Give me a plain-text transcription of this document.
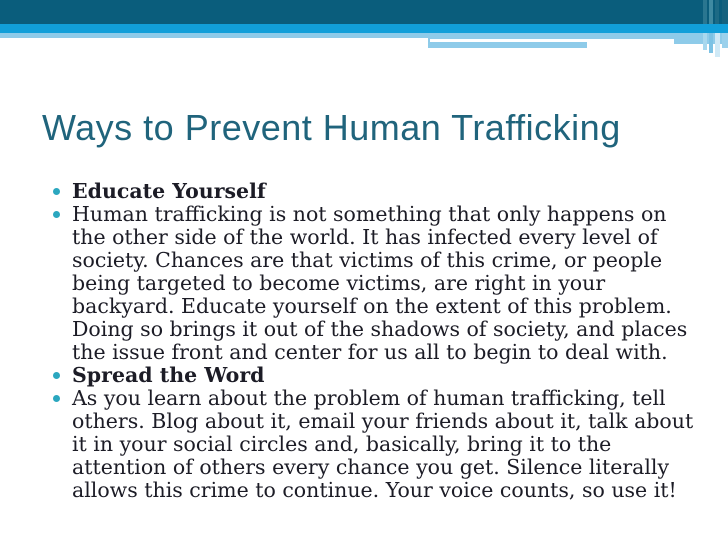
Ways to Prevent Human Trafficking
Educate Yourself
Human trafficking is not something that only happens on the other side of the world. It has infected every level of society. Chances are that victims of this crime, or people being targeted to become victims, are right in your backyard. Educate yourself on the extent of this problem. Doing so brings it out of the shadows of society, and places the issue front and center for us all to begin to deal with.
Spread the Word
As you learn about the problem of human trafficking, tell others. Blog about it, email your friends about it, talk about it in your social circles and, basically, bring it to the attention of others every chance you get. Silence literally allows this crime to continue. Your voice counts, so use it!
